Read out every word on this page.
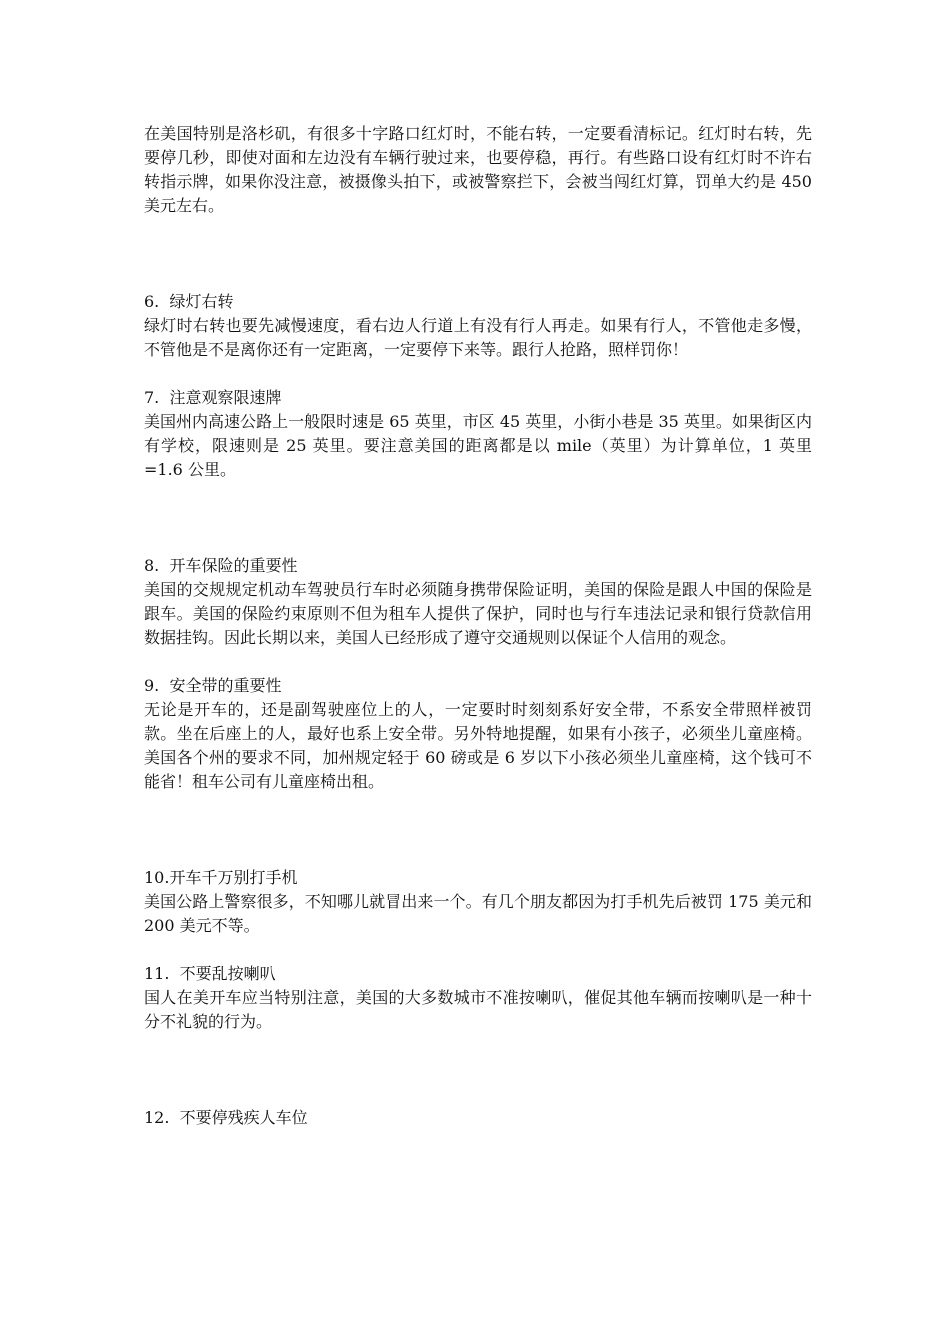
在美国特别是洛杉矶，有很多十字路口红灯时，不能右转，一定要看清标记。红灯时右转，先要停几秒，即使对面和左边没有车辆行驶过来，也要停稳，再行。有些路口设有红灯时不许右转指示牌，如果你没注意，被摄像头拍下，或被警察拦下，会被当闯红灯算，罚单大约是 450 美元左右。

6.  绿灯右转

绿灯时右转也要先减慢速度，看右边人行道上有没有行人再走。如果有行人，不管他走多慢，不管他是不是离你还有一定距离，一定要停下来等。跟行人抢路，照样罚你！

7.  注意观察限速牌

美国州内高速公路上一般限时速是 65 英里，市区 45 英里，小街小巷是 35 英里。如果街区内有学校，限速则是 25 英里。要注意美国的距离都是以 mile（英里）为计算单位，1 英里=1.6 公里。

8.  开车保险的重要性

美国的交规规定机动车驾驶员行车时必须随身携带保险证明，美国的保险是跟人中国的保险是跟车。美国的保险约束原则不但为租车人提供了保护，同时也与行车违法记录和银行贷款信用数据挂钩。因此长期以来，美国人已经形成了遵守交通规则以保证个人信用的观念。

9.  安全带的重要性

无论是开车的，还是副驾驶座位上的人，一定要时时刻刻系好安全带，不系安全带照样被罚款。坐在后座上的人，最好也系上安全带。另外特地提醒，如果有小孩子，必须坐儿童座椅。美国各个州的要求不同，加州规定轻于 60 磅或是 6 岁以下小孩必须坐儿童座椅，这个钱可不能省！租车公司有儿童座椅出租。

10.开车千万别打手机

美国公路上警察很多，不知哪儿就冒出来一个。有几个朋友都因为打手机先后被罚 175 美元和 200 美元不等。

11.  不要乱按喇叭

国人在美开车应当特别注意，美国的大多数城市不准按喇叭，催促其他车辆而按喇叭是一种十分不礼貌的行为。

12.  不要停残疾人车位
